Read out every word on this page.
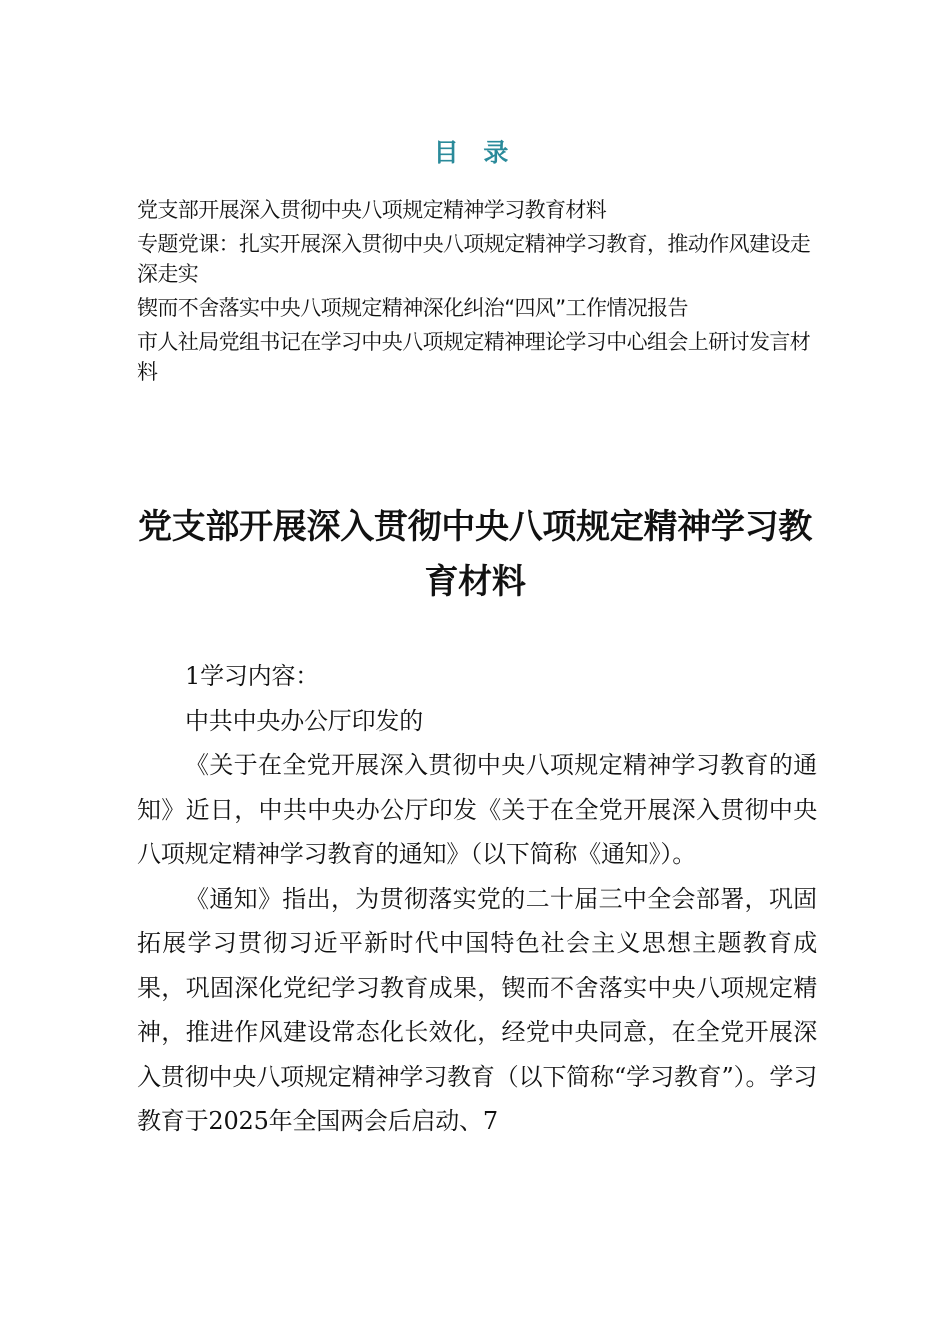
目 录

党支部开展深入贯彻中央八项规定精神学习教育材料

专题党课：扎实开展深入贯彻中央八项规定精神学习教育，推动作风建设走深走实

锲而不舍落实中央八项规定精神深化纠治“四风”工作情况报告

市人社局党组书记在学习中央八项规定精神理论学习中心组会上研讨发言材料

党支部开展深入贯彻中央八项规定精神学习教育材料

1学习内容：

中共中央办公厅印发的

《关于在全党开展深入贯彻中央八项规定精神学习教育的通知》近日，中共中央办公厅印发《关于在全党开展深入贯彻中央八项规定精神学习教育的通知》（以下简称《通知》）。

《通知》指出，为贯彻落实党的二十届三中全会部署，巩固拓展学习贯彻习近平新时代中国特色社会主义思想主题教育成果，巩固深化党纪学习教育成果，锲而不舍落实中央八项规定精神，推进作风建设常态化长效化，经党中央同意，在全党开展深入贯彻中央八项规定精神学习教育（以下简称“学习教育”）。学习教育于2025年全国两会后启动、7
